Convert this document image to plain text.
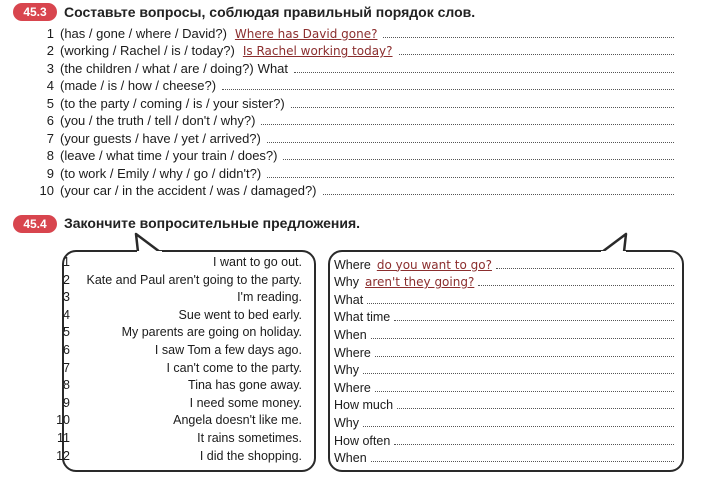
45.3	Составьте вопросы, соблюдая правильный порядок слов.
1 (has / gone / where / David?) Where has David gone?
2 (working / Rachel / is / today?) Is Rachel working today?
3 (the children / what / are / doing?) What
4 (made / is / how / cheese?)
5 (to the party / coming / is / your sister?)
6 (you / the truth / tell / don't / why?)
7 (your guests / have / yet / arrived?)
8 (leave / what time / your train / does?)
9 (to work / Emily / why / go / didn't?)
10 (your car / in the accident / was / damaged?)
45.4	Закончите вопросительные предложения.
1
2
3
4
5
6
7
8
9
10
11
12
I want to go out.
Kate and Paul aren't going to the party.
I'm reading.
Sue went to bed early.
My parents are going on holiday.
I saw Tom a few days ago.
I can't come to the party.
Tina has gone away.
I need some money.
Angela doesn't like me.
It rains sometimes.
I did the shopping.
Where do you want to go?
Why aren't they going?
What
What time
When
Where
Why
Where
How much
Why
How often
When
